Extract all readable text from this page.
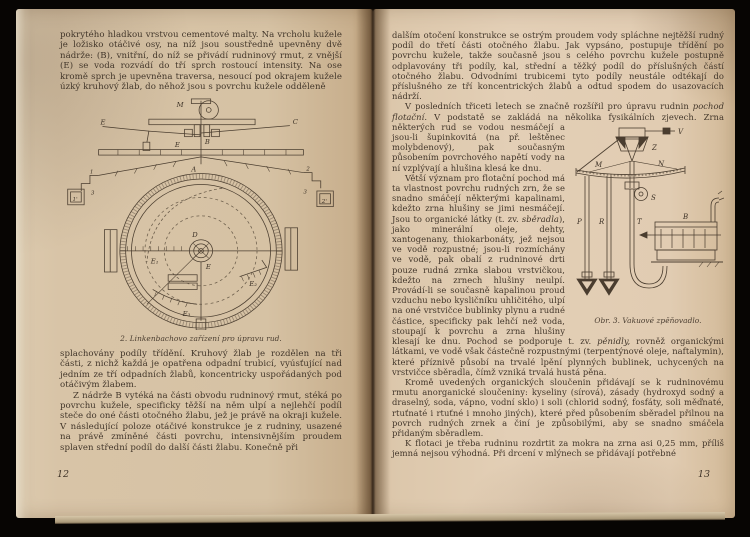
pokrytého hladkou vrstvou cementové malty. Na vrcholu kužele je ložisko otáčivé osy, na níž jsou soustředně upevněny dvě nádrže: (B), vnitřní, do níž se přivádí rudninový rmut, z vnější (E) se voda rozvádí do tří sprch rostoucí intensity. Na ose kromě sprch je upevněna traversa, nesoucí pod okrajem kužele úzký kruhový žlab, do něhož jsou s povrchu kužele odděleně

M
E	C
B
E
A
1
3
1'
2
3
2'
D
E
E₁
E₂
E₃
2. Linkenbachovo zařízení pro úpravu rud.

splachovány podíly třídění. Kruhový žlab je rozdělen na tři části, z nichž každá je opatřena odpadní trubicí, vyúsťující nad jedním ze tří odpadních žlabů, koncentricky uspořádaných pod otáčivým žlabem.

Z nádrže B vytéká na části obvodu rudninový rmut, stéká po povrchu kužele, specificky těžší na něm ulpí a nejlehčí podíl steče do oné části otočného žlabu, jež je právě na okraji kužele. V následující poloze otáčivé konstrukce je z rudniny, usazené na právě zmíněné části povrchu, intensivnějším proudem splaven střední podíl do další části žlabu. Konečně při

12

dalším otočení konstrukce se ostrým proudem vody spláchne nejtěžší rudný podíl do třetí části otočného žlabu. Jak vypsáno, postupuje třídění po povrchu kužele, takže současně jsou s celého povrchu kužele postupně odplavovány tři podíly, kal, střední a těžký podíl do příslušných částí otočného žlabu. Odvodními trubicemi tyto podíly neustále odtékají do příslušného ze tří koncentrických žlabů a odtud spodem do usazovacích nádrží.

V posledních třiceti letech se značně rozšířil pro úpravu rudnin pochod flotační. V podstatě se zakládá na několika fysikálních zjevech.
V
Z
N
M
S
P R	T
B
Obr. 3. Vakuové zpěňovadlo.
Zrna některých rud se vodou nesmáčejí a jsou-li šupinkovitá (na př. leštěnec molybdenový), pak současným působením povrchového napětí vody na ní vzplývají a hlušina klesá ke dnu.

Větší význam pro flotační pochod má ta vlastnost povrchu rudných zrn, že se snadno smáčejí některými kapalinami, kdežto zrna hlušiny se jimi nesmáčejí. Jsou to organické látky (t. zv. sběradla), jako minerální oleje, dehty, xantogenany, thiokarbonáty, jež nejsou ve vodě rozpustné; jsou-li rozmíchány ve vodě, pak obalí z rudninové drti pouze rudná zrnka slabou vrstvičkou, kdežto na zrnech hlušiny neulpí. Provádí-li se současně kapalinou proud vzduchu nebo kysličníku uhličitého, ulpí na oné vrstvičce bublinky plynu a rudné částice, specificky pak lehčí než voda, stoupají k povrchu a zrna hlušiny klesají ke dnu. Pochod se podporuje t. zv. pěnidly, rovněž organickými látkami, ve vodě však částečně rozpustnými (terpentýnové oleje, naftalymin), které příznivě působí na trvalé lpění plynných bublinek, uchycených na vrstvičce sběradla, čímž vzniká trvalá hustá pěna.

Kromě uvedených organických sloučenin přidávají se k rudninovému rmutu anorganické sloučeniny: kyseliny (sírová), zásady (hydroxyd sodný a draselný, soda, vápno, vodní sklo) i soli (chlorid sodný, fosfáty, soli měďnaté, rtuťnaté i rtuťné i mnoho jiných), které před působením sběradel přilnou na povrch rudných zrnek a činí je způsobilými, aby se snadno smáčela přidaným sběradlem.

K flotaci je třeba rudninu rozdrtit za mokra na zrna asi 0,25 mm, příliš jemná nejsou výhodná. Při drcení v mlýnech se přidávají potřebné

13
